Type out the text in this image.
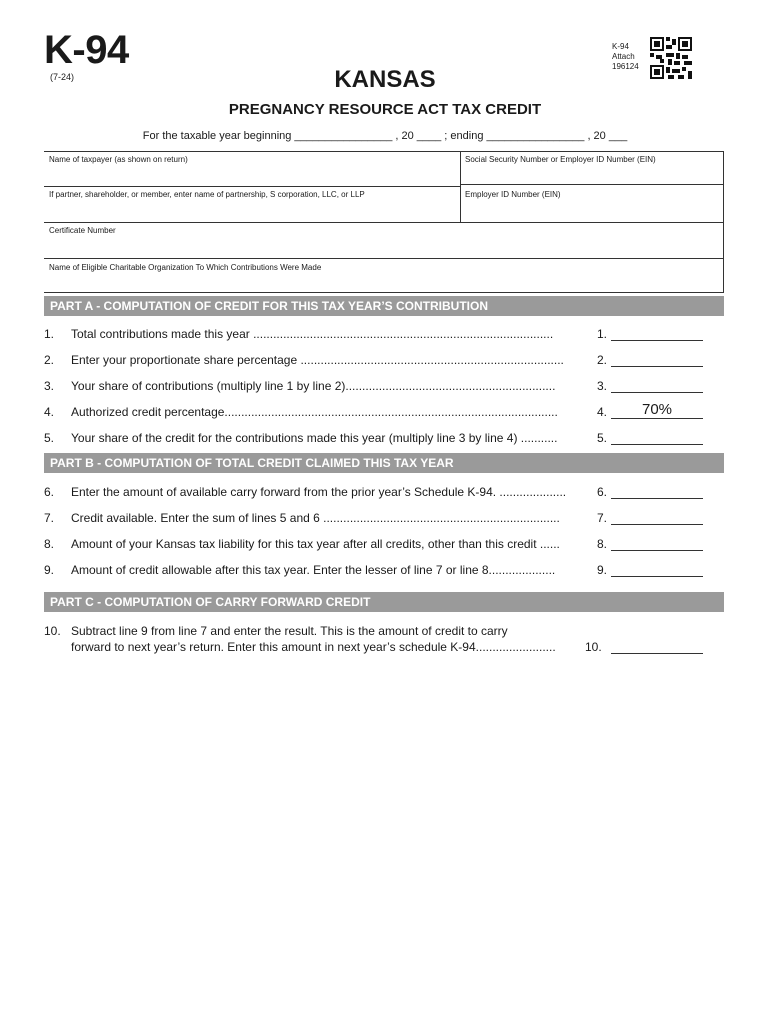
K-94
(7-24)	KANSAS
PREGNANCY RESOURCE ACT TAX CREDIT
K-94
Attach
196124
For the taxable year beginning ________________ , 20 ____ ; ending ________________ , 20 ___
Name of taxpayer (as shown on return)	Social Security Number or Employer ID Number (EIN)
If partner, shareholder, or member, enter name of partnership, S corporation, LLC, or LLP	Employer ID Number (EIN)
Certificate Number
Name of Eligible Charitable Organization To Which Contributions Were Made
PART A - COMPUTATION OF CREDIT FOR THIS TAX YEAR’S CONTRIBUTION
1. Total contributions made this year ..........................................................................................	1.
2. Enter your proportionate share percentage ...............................................................................	2.
3. Your share of contributions (multiply line 1 by line 2)...............................................................	3.
4. Authorized credit percentage....................................................................................................	4.	70%
5. Your share of the credit for the contributions made this year (multiply line 3 by line 4) ...........	5.
PART B - COMPUTATION OF TOTAL CREDIT CLAIMED THIS TAX YEAR
6. Enter the amount of available carry forward from the prior year’s Schedule K-94. ....................	6.
7. Credit available. Enter the sum of lines 5 and 6 .......................................................................	7.
8. Amount of your Kansas tax liability for this tax year after all credits, other than this credit ......	8.
9. Amount of credit allowable after this tax year. Enter the lesser of line 7 or line 8....................	9.
PART C - COMPUTATION OF CARRY FORWARD CREDIT
10. Subtract line 9 from line 7 and enter the result. This is the amount of credit to carry
forward to next year’s return. Enter this amount in next year’s schedule K-94........................	10.
